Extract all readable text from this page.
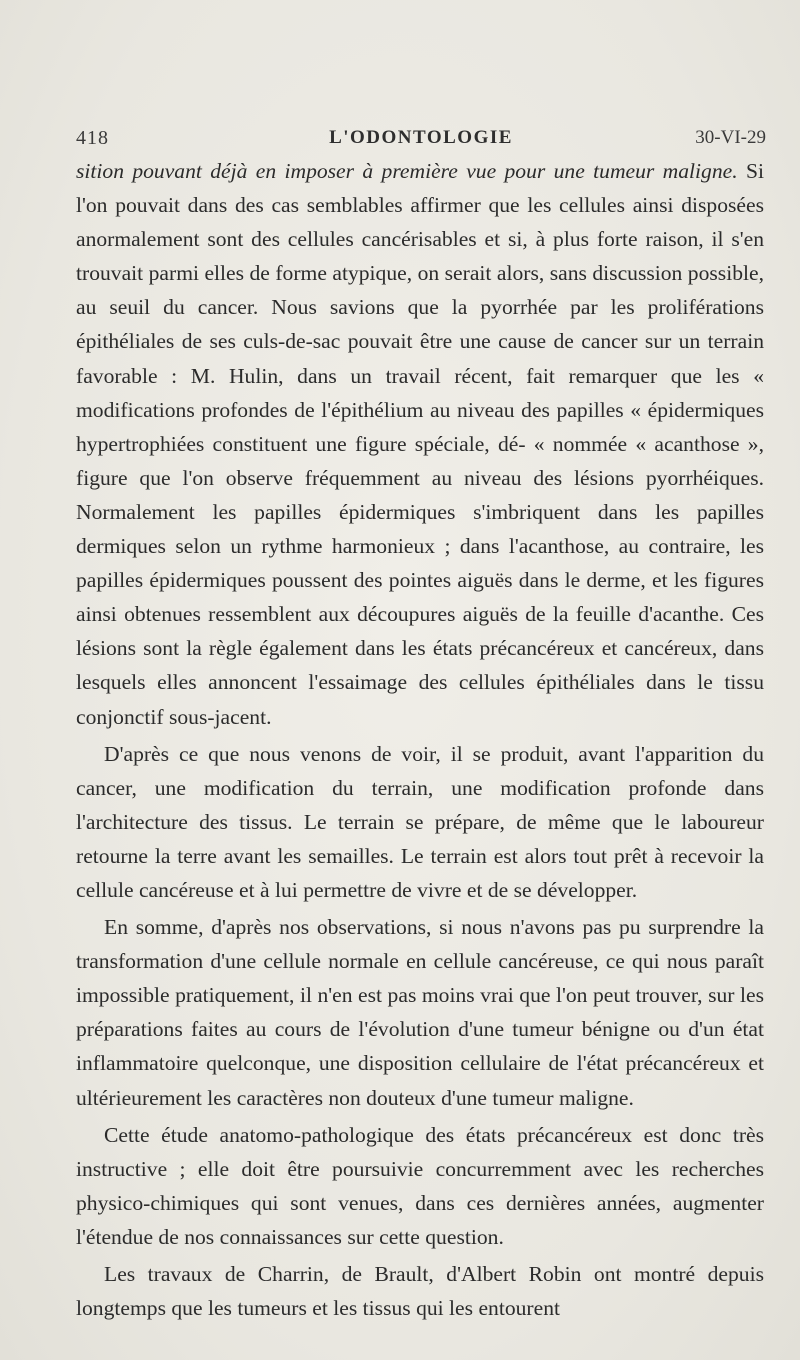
418	L'ODONTOLOGIE	30-VI-29

sition pouvant déjà en imposer à première vue pour une tumeur maligne. Si l'on pouvait dans des cas semblables affirmer que les cellules ainsi disposées anormalement sont des cellules cancérisables et si, à plus forte raison, il s'en trouvait parmi elles de forme atypique, on serait alors, sans discussion possible, au seuil du cancer. Nous savions que la pyorrhée par les proliférations épithéliales de ses culs-de-sac pouvait être une cause de cancer sur un terrain favorable : M. Hulin, dans un travail récent, fait remarquer que les « modifications profondes de l'épithélium au niveau des papilles « épidermiques hypertrophiées constituent une figure spéciale, dé- « nommée « acanthose », figure que l'on observe fréquemment au niveau des lésions pyorrhéiques. Normalement les papilles épidermiques s'imbriquent dans les papilles dermiques selon un rythme harmonieux ; dans l'acanthose, au contraire, les papilles épidermiques poussent des pointes aiguës dans le derme, et les figures ainsi obtenues ressemblent aux découpures aiguës de la feuille d'acanthe. Ces lésions sont la règle également dans les états précancéreux et cancéreux, dans lesquels elles annoncent l'essaimage des cellules épithéliales dans le tissu conjonctif sous-jacent.

D'après ce que nous venons de voir, il se produit, avant l'apparition du cancer, une modification du terrain, une modification profonde dans l'architecture des tissus. Le terrain se prépare, de même que le laboureur retourne la terre avant les semailles. Le terrain est alors tout prêt à recevoir la cellule cancéreuse et à lui permettre de vivre et de se développer.

En somme, d'après nos observations, si nous n'avons pas pu surprendre la transformation d'une cellule normale en cellule cancéreuse, ce qui nous paraît impossible pratiquement, il n'en est pas moins vrai que l'on peut trouver, sur les préparations faites au cours de l'évolution d'une tumeur bénigne ou d'un état inflammatoire quelconque, une disposition cellulaire de l'état précancéreux et ultérieurement les caractères non douteux d'une tumeur maligne.

Cette étude anatomo-pathologique des états précancéreux est donc très instructive ; elle doit être poursuivie concurremment avec les recherches physico-chimiques qui sont venues, dans ces dernières années, augmenter l'étendue de nos connaissances sur cette question.

Les travaux de Charrin, de Brault, d'Albert Robin ont montré depuis longtemps que les tumeurs et les tissus qui les entourent
